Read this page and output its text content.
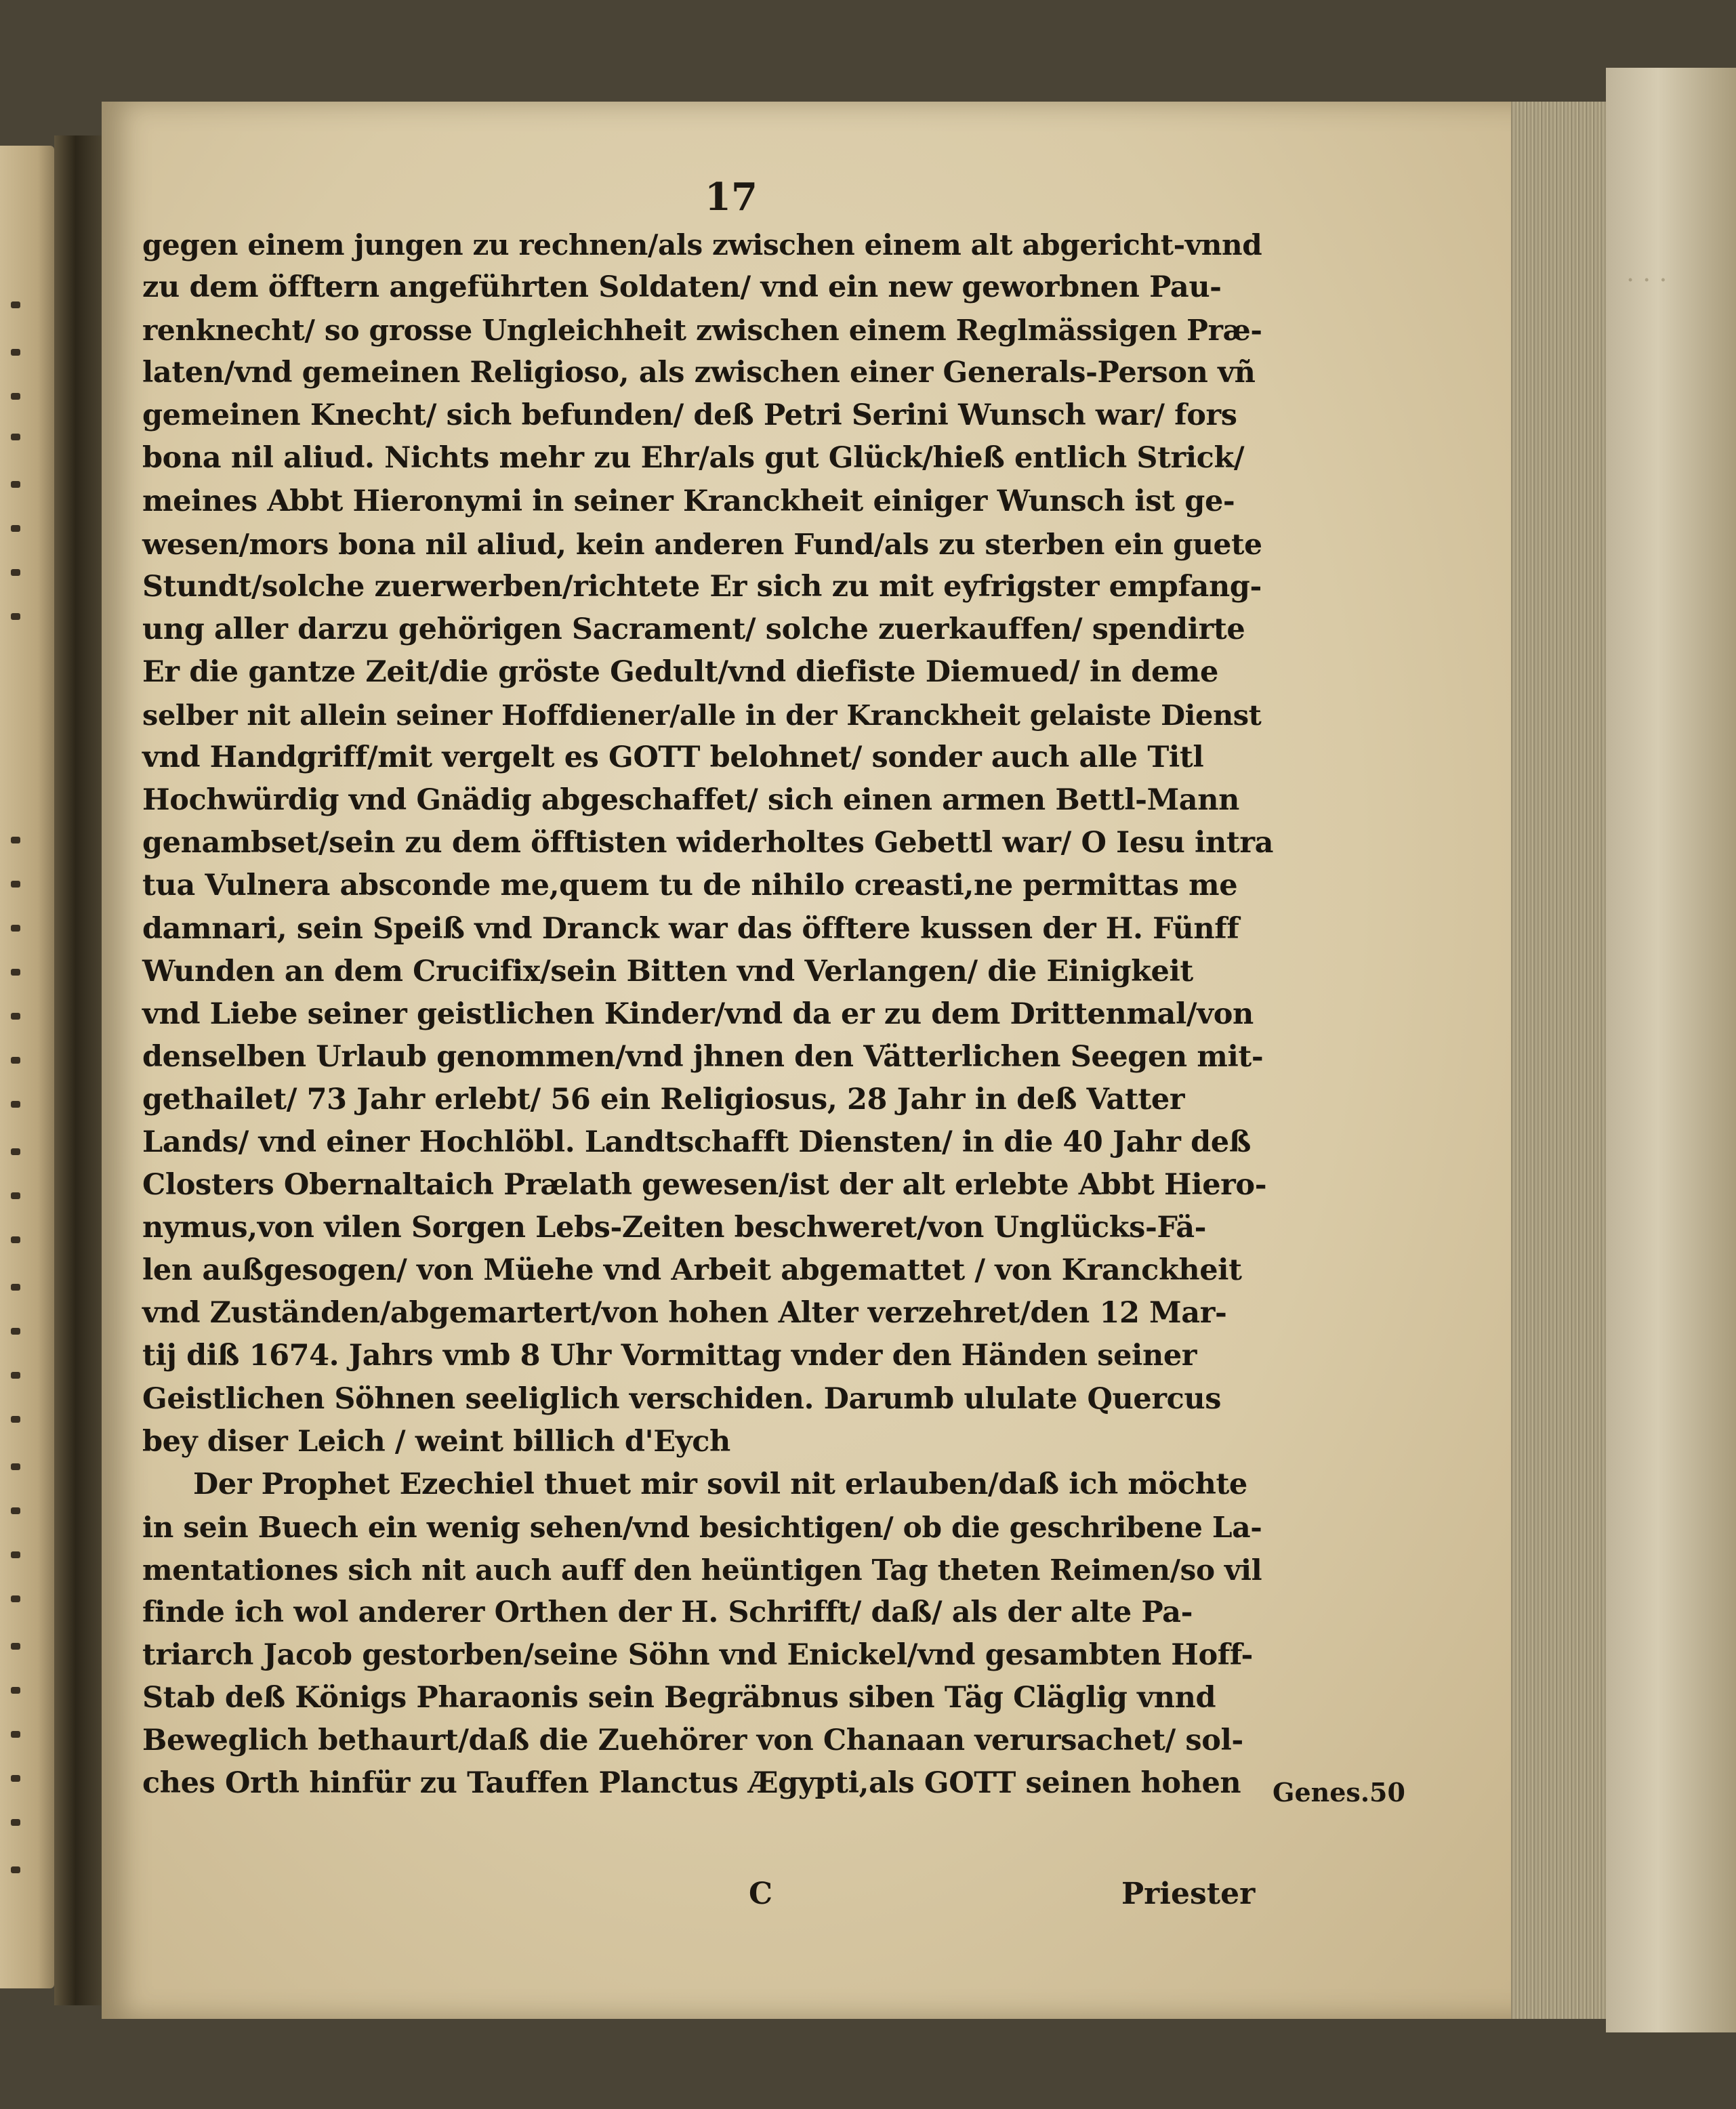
. . .
17
gegen einem jungen zu rechnen/als zwischen einem alt abgericht-vnnd
zu dem öfftern angeführten Soldaten/ vnd ein new geworbnen Pau-
renknecht/ so grosse Ungleichheit zwischen einem Reglmässigen Præ-
laten/vnd gemeinen Religioso, als zwischen einer Generals-Person vñ
gemeinen Knecht/ sich befunden/ deß Petri Serini Wunsch war/ fors
bona nil aliud. Nichts mehr zu Ehr/als gut Glück/hieß entlich Strick/
meines Abbt Hieronymi in seiner Kranckheit einiger Wunsch ist ge-
wesen/mors bona nil aliud, kein anderen Fund/als zu sterben ein guete
Stundt/solche zuerwerben/richtete Er sich zu mit eyfrigster empfang-
ung aller darzu gehörigen Sacrament/ solche zuerkauffen/ spendirte
Er die gantze Zeit/die gröste Gedult/vnd diefiste Diemued/ in deme
selber nit allein seiner Hoffdiener/alle in der Kranckheit gelaiste Dienst
vnd Handgriff/mit vergelt es GOTT belohnet/ sonder auch alle Titl
Hochwürdig vnd Gnädig abgeschaffet/ sich einen armen Bettl-Mann
genambset/sein zu dem öfftisten widerholtes Gebettl war/ O Iesu intra
tua Vulnera absconde me,quem tu de nihilo creasti,ne permittas me
damnari, sein Speiß vnd Dranck war das öfftere kussen der H. Fünff
Wunden an dem Crucifix/sein Bitten vnd Verlangen/ die Einigkeit
vnd Liebe seiner geistlichen Kinder/vnd da er zu dem Drittenmal/von
denselben Urlaub genommen/vnd jhnen den Vätterlichen Seegen mit-
gethailet/ 73 Jahr erlebt/ 56 ein Religiosus, 28 Jahr in deß Vatter
Lands/ vnd einer Hochlöbl. Landtschafft Diensten/ in die 40 Jahr deß
Closters Obernaltaich Prælath gewesen/ist der alt erlebte Abbt Hiero-
nymus,von vilen Sorgen Lebs-Zeiten beschweret/von Unglücks-Fä-
len außgesogen/ von Müehe vnd Arbeit abgemattet / von Kranckheit
vnd Zuständen/abgemartert/von hohen Alter verzehret/den 12 Mar-
tij diß 1674. Jahrs vmb 8 Uhr Vormittag vnder den Händen seiner
Geistlichen Söhnen seeliglich verschiden. Darumb ululate Quercus
bey diser Leich / weint billich d'Eych
Der Prophet Ezechiel thuet mir sovil nit erlauben/daß ich möchte
in sein Buech ein wenig sehen/vnd besichtigen/ ob die geschribene La-
mentationes sich nit auch auff den heüntigen Tag theten Reimen/so vil
finde ich wol anderer Orthen der H. Schrifft/ daß/ als der alte Pa-
triarch Jacob gestorben/seine Söhn vnd Enickel/vnd gesambten Hoff-
Stab deß Königs Pharaonis sein Begräbnus siben Täg Cläglig vnnd
Beweglich bethaurt/daß die Zuehörer von Chanaan verursachet/ sol-
ches Orth hinfür zu Tauffen Planctus Ægypti,als GOTT seinen hohen	Genes.50
C	Priester
